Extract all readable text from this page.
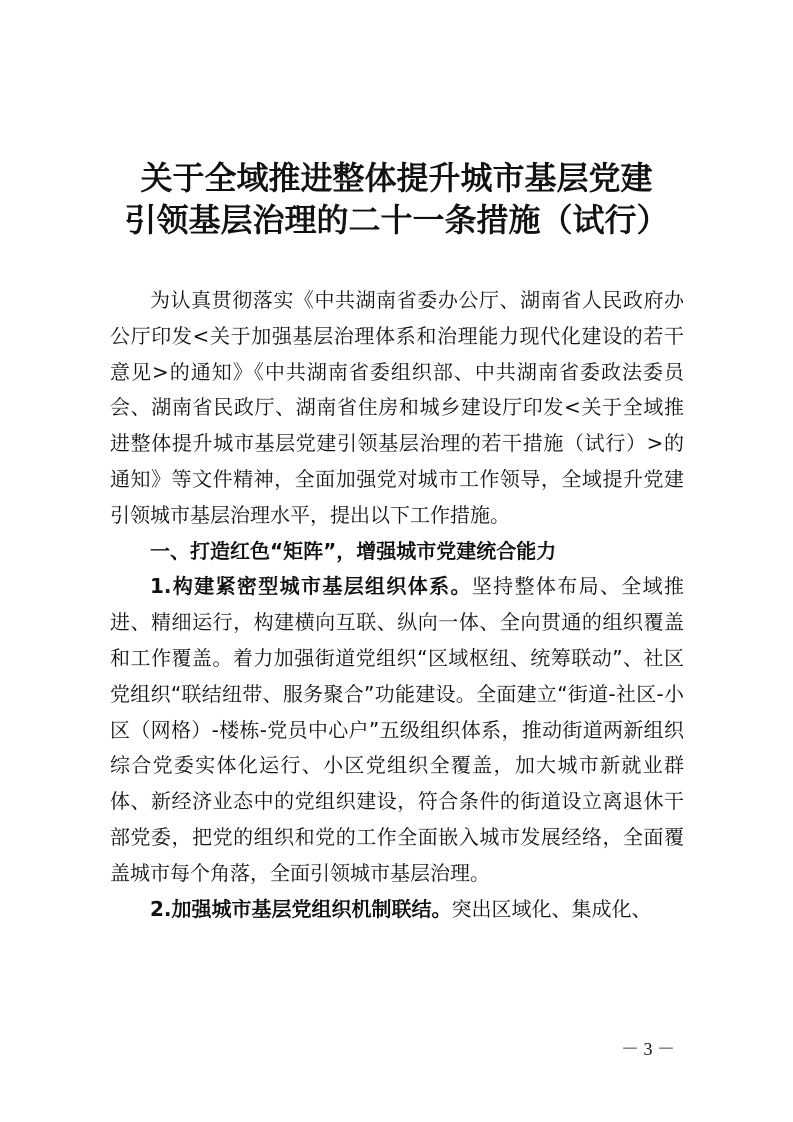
关于全域推进整体提升城市基层党建
引领基层治理的二十一条措施（试行）

为认真贯彻落实《中共湖南省委办公厅、湖南省人民政府办公厅印发<关于加强基层治理体系和治理能力现代化建设的若干意见>的通知》《中共湖南省委组织部、中共湖南省委政法委员会、湖南省民政厅、湖南省住房和城乡建设厅印发<关于全域推进整体提升城市基层党建引领基层治理的若干措施（试行）>的通知》等文件精神，全面加强党对城市工作领导，全域提升党建引领城市基层治理水平，提出以下工作措施。

一、打造红色“矩阵”，增强城市党建统合能力

1.构建紧密型城市基层组织体系。坚持整体布局、全域推进、精细运行，构建横向互联、纵向一体、全向贯通的组织覆盖和工作覆盖。着力加强街道党组织“区域枢纽、统筹联动”、社区党组织“联结纽带、服务聚合”功能建设。全面建立“街道-社区-小区（网格）-楼栋-党员中心户”五级组织体系，推动街道两新组织综合党委实体化运行、小区党组织全覆盖，加大城市新就业群体、新经济业态中的党组织建设，符合条件的街道设立离退休干部党委，把党的组织和党的工作全面嵌入城市发展经络，全面覆盖城市每个角落，全面引领城市基层治理。

2.加强城市基层党组织机制联结。突出区域化、集成化、

－ 3 －
